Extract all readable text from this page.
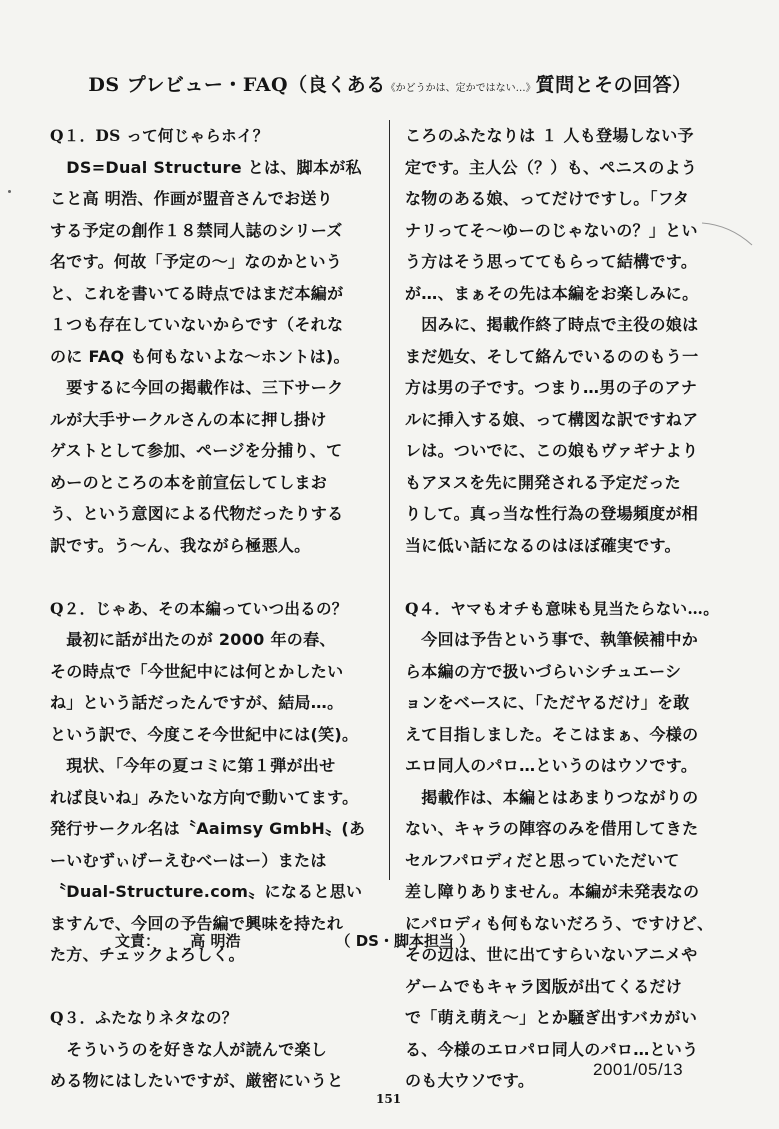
DS プレビュー・FAQ（良くある《かどうかは、定かではない…》質問とその回答）
Q１．DS って何じゃらホイ？
　DS=Dual Structure とは、脚本が私
こと高 明浩、作画が盟音さんでお送り
する予定の創作１８禁同人誌のシリーズ
名です。何故「予定の～」なのかという
と、これを書いてる時点ではまだ本編が
１つも存在していないからです（それな
のに FAQ も何もないよな～ホントは)。
　要するに今回の掲載作は、三下サーク
ルが大手サークルさんの本に押し掛け
ゲストとして参加、ページを分捕り、て
めーのところの本を前宣伝してしまお
う、という意図による代物だったりする
訳です。う～ん、我ながら極悪人。
Q２．じゃあ、その本編っていつ出るの？
　最初に話が出たのが 2000 年の春、
その時点で「今世紀中には何とかしたい
ね」という話だったんですが、結局…。
という訳で、今度こそ今世紀中には(笑)。
　現状、「今年の夏コミに第１弾が出せ
れば良いね」みたいな方向で動いてます。
発行サークル名は〝Aaimsy GmbH〟(あ
ーいむずぃげーえむべーはー）または
〝Dual-Structure.com〟になると思い
ますんで、今回の予告編で興味を持たれ
た方、チェックよろしく。
Q３．ふたなりネタなの？
　そういうのを好きな人が読んで楽し
める物にはしたいですが、厳密にいうと
ころのふたなりは １ 人も登場しない予
定です。主人公（？）も、ペニスのよう
な物のある娘、ってだけですし。「フタ
ナリってそ～ゆーのじゃないの？」とい
う方はそう思っててもらって結構です。
が…、まぁその先は本編をお楽しみに。
　因みに、掲載作終了時点で主役の娘は
まだ処女、そして絡んでいるののもう一
方は男の子です。つまり…男の子のアナ
ルに挿入する娘、って構図な訳ですねア
レは。ついでに、この娘もヴァギナより
もアヌスを先に開発される予定だった
りして。真っ当な性行為の登場頻度が相
当に低い話になるのはほぼ確実です。
Q４．ヤマもオチも意味も見当たらない…。
　今回は予告という事で、執筆候補中か
ら本編の方で扱いづらいシチュエーシ
ョンをベースに、「ただヤるだけ」を敢
えて目指しました。そこはまぁ、今様の
エロ同人のパロ…というのはウソです。
　掲載作は、本編とはあまりつながりの
ない、キャラの陣容のみを借用してきた
セルフパロディだと思っていただいて
差し障りありません。本編が未発表なの
にパロディも何もないだろう、ですけど、
その辺は、世に出てすらいないアニメや
ゲームでもキャラ図版が出てくるだけ
で「萌え萌え～」とか騒ぎ出すバカがい
る、今様のエロパロ同人のパロ…という
のも大ウソです。
文責： 高 明浩	（ DS・脚本担当 ）
2001/05/13
151
